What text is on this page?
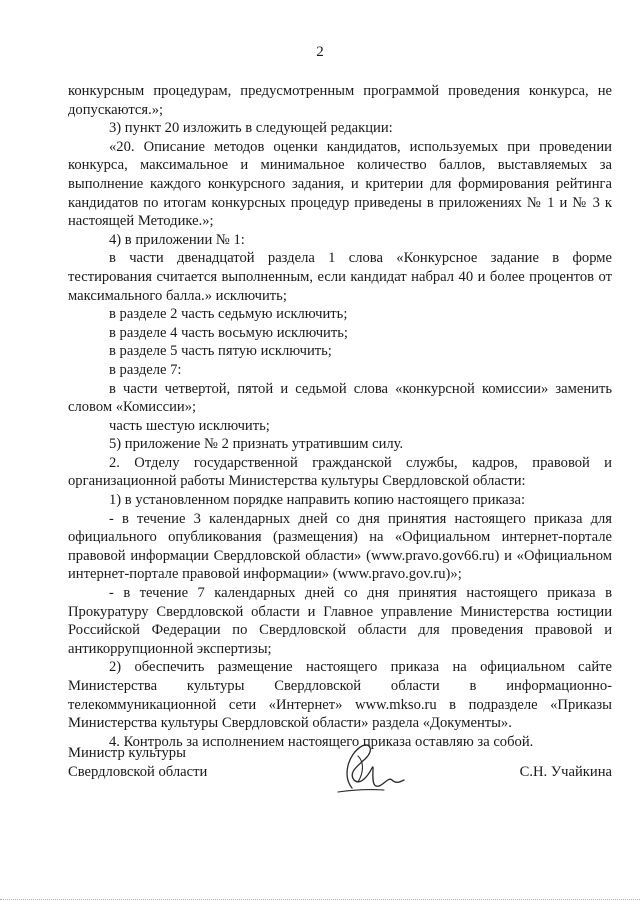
2

конкурсным процедурам, предусмотренным программой проведения конкурса, не допускаются.»;

3) пункт 20 изложить в следующей редакции:

«20. Описание методов оценки кандидатов, используемых при проведении конкурса, максимальное и минимальное количество баллов, выставляемых за выполнение каждого конкурсного задания, и критерии для формирования рейтинга кандидатов по итогам конкурсных процедур приведены в приложениях № 1 и № 3 к настоящей Методике.»;

4) в приложении № 1:

в части двенадцатой раздела 1 слова «Конкурсное задание в форме тестирования считается выполненным, если кандидат набрал 40 и более процентов от максимального балла.» исключить;

в разделе 2 часть седьмую исключить;

в разделе 4 часть восьмую исключить;

в разделе 5 часть пятую исключить;

в разделе 7:

в части четвертой, пятой и седьмой слова «конкурсной комиссии» заменить словом «Комиссии»;

часть шестую исключить;

5) приложение № 2 признать утратившим силу.

2. Отделу государственной гражданской службы, кадров, правовой и организационной работы Министерства культуры Свердловской области:

1) в установленном порядке направить копию настоящего приказа:

- в течение 3 календарных дней со дня принятия настоящего приказа для официального опубликования (размещения) на «Официальном интернет-портале правовой информации Свердловской области» (www.pravo.gov66.ru) и «Официальном интернет-портале правовой информации» (www.pravo.gov.ru)»;

- в течение 7 календарных дней со дня принятия настоящего приказа в Прокуратуру Свердловской области и Главное управление Министерства юстиции Российской Федерации по Свердловской области для проведения правовой и антикоррупционной экспертизы;

2) обеспечить размещение настоящего приказа на официальном сайте Министерства культуры Свердловской области в информационно-телекоммуникационной сети «Интернет» www.mkso.ru в подразделе «Приказы Министерства культуры Свердловской области» раздела «Документы».

4. Контроль за исполнением настоящего приказа оставляю за собой.

Министр культуры
Свердловской области	С.Н. Учайкина
